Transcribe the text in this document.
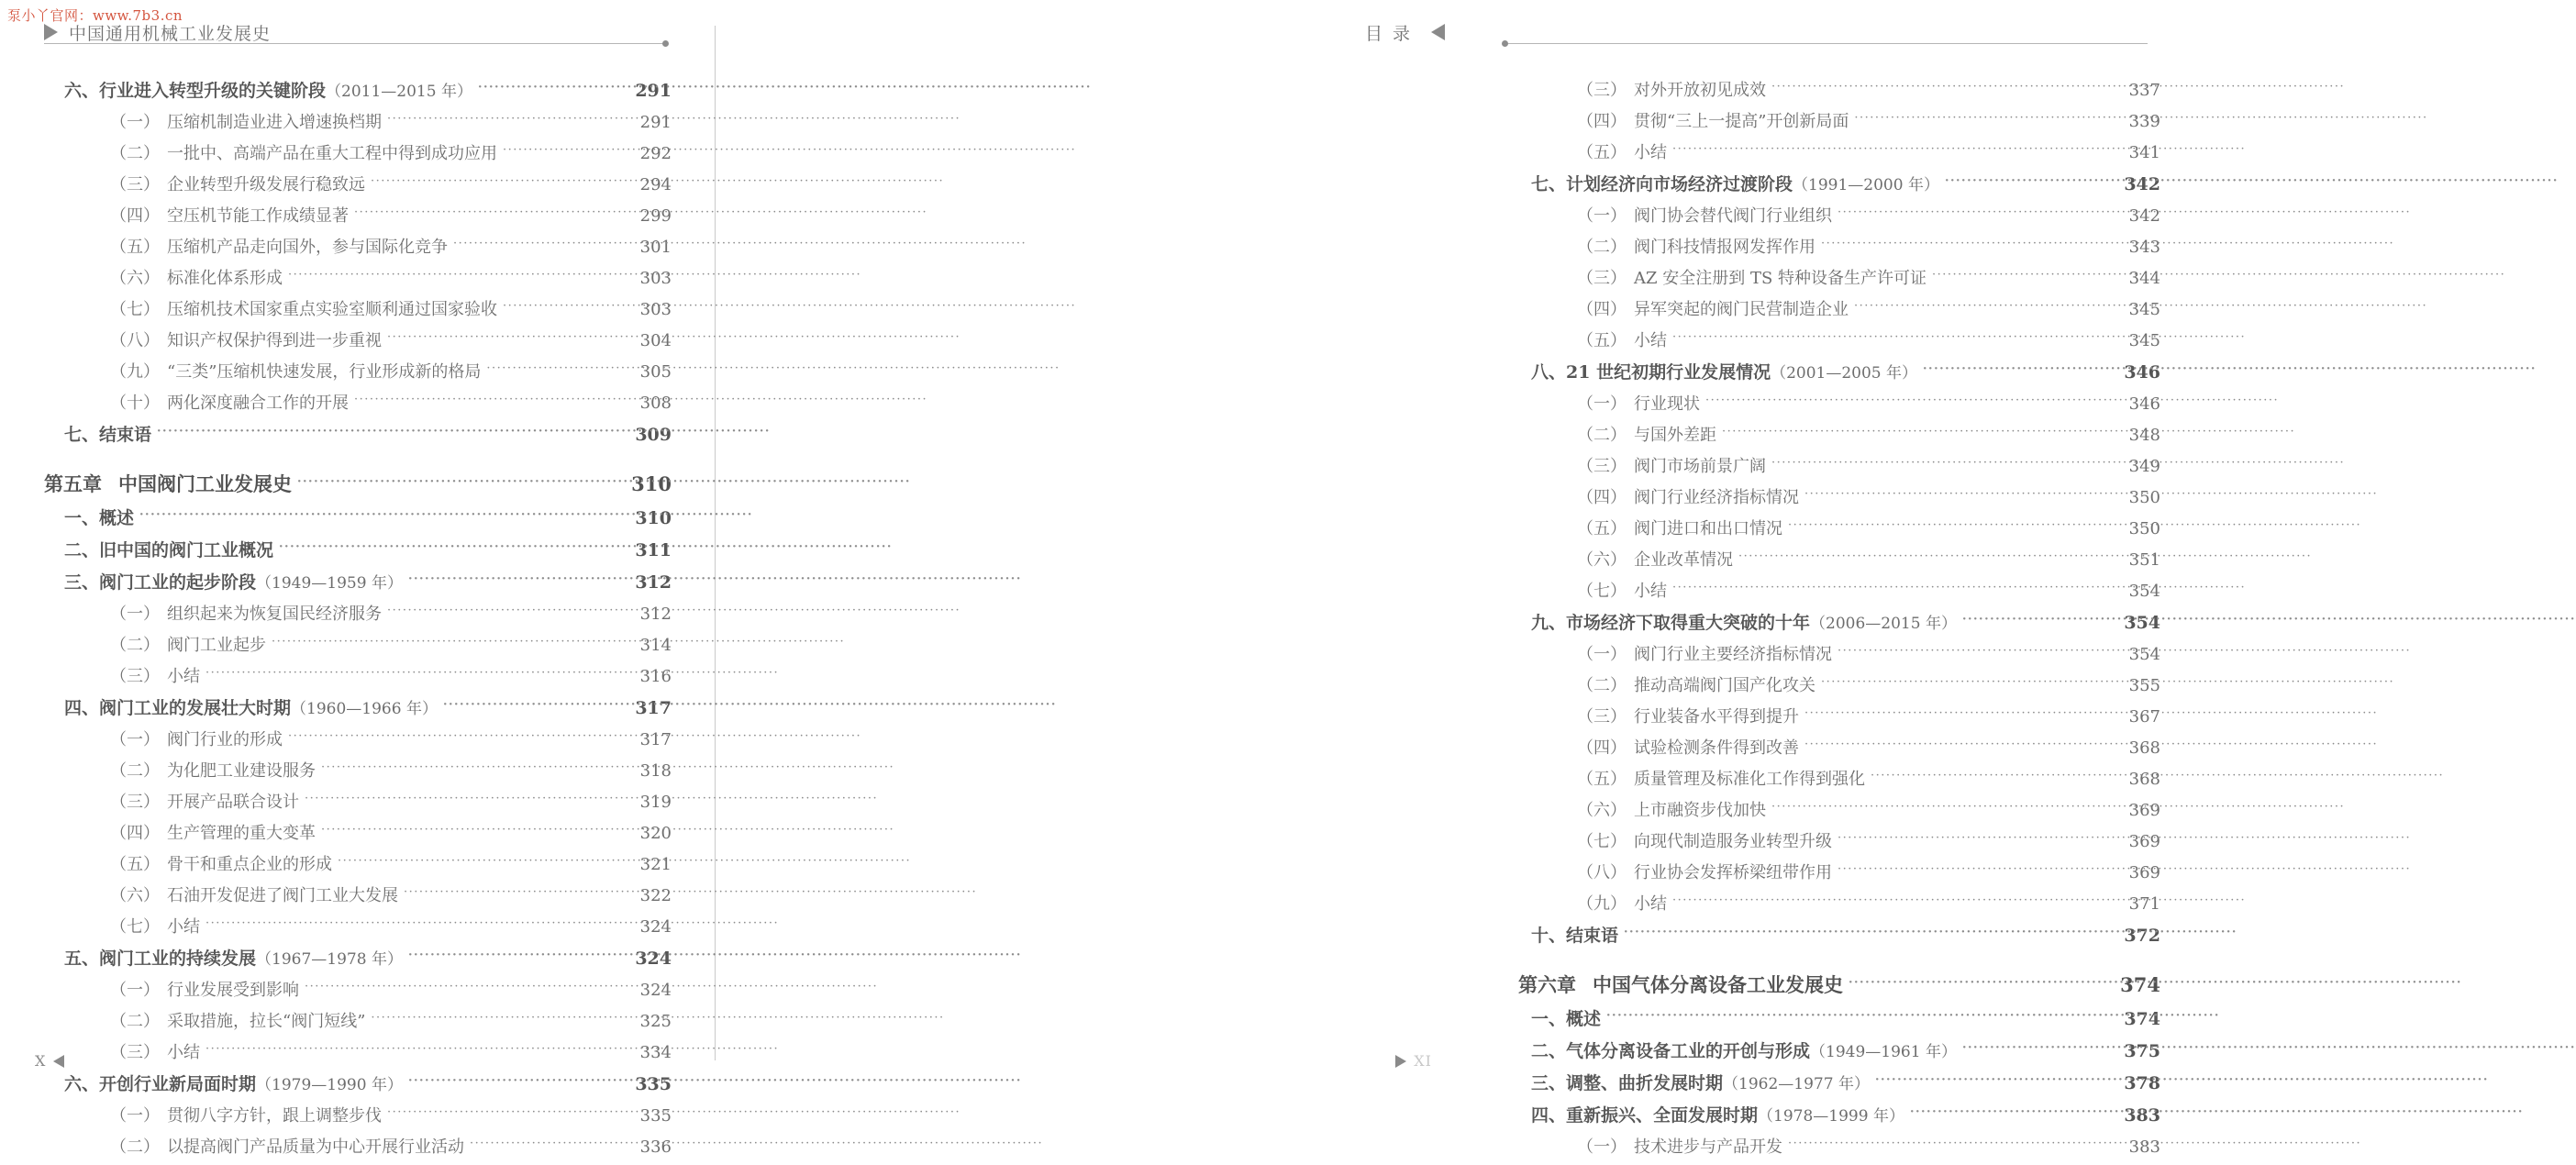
泵小丫官网：www.7b3.cn
中国通用机械工业发展史
六、行业进入转型升级的关键阶段（2011—2015 年） ·····	291
（一） 压缩机制造业进入增速换档期 ·····	291
（二） 一批中、高端产品在重大工程中得到成功应用 ·····	292
（三） 企业转型升级发展行稳致远 ·····	294
（四） 空压机节能工作成绩显著 ·····	299
（五） 压缩机产品走向国外，参与国际化竞争 ·····	301
（六） 标准化体系形成 ·····	303
（七） 压缩机技术国家重点实验室顺利通过国家验收 ·····	303
（八） 知识产权保护得到进一步重视 ·····	304
（九） “三类”压缩机快速发展，行业形成新的格局 ·····	305
（十） 两化深度融合工作的开展 ·····	308
七、结束语 ·····	309
第五章 中国阀门工业发展史 ·····	310
一、概述 ·····	310
二、旧中国的阀门工业概况 ·····	311
三、阀门工业的起步阶段（1949—1959 年） ·····	312
（一） 组织起来为恢复国民经济服务 ·····	312
（二） 阀门工业起步 ·····	314
（三） 小结 ·····	316
四、阀门工业的发展壮大时期（1960—1966 年） ·····	317
（一） 阀门行业的形成 ·····	317
（二） 为化肥工业建设服务 ·····	318
（三） 开展产品联合设计 ·····	319
（四） 生产管理的重大变革 ·····	320
（五） 骨干和重点企业的形成 ·····	321
（六） 石油开发促进了阀门工业大发展 ·····	322
（七） 小结 ·····	324
五、阀门工业的持续发展（1967—1978 年） ·····	324
（一） 行业发展受到影响 ·····	324
（二） 采取措施，拉长“阀门短线” ·····	325
（三） 小结 ·····	334
六、开创行业新局面时期（1979—1990 年） ·····	335
（一） 贯彻八字方针，跟上调整步伐 ·····	335
（二） 以提高阀门产品质量为中心开展行业活动 ·····	336
X
目录
（三） 对外开放初见成效 ·····	337
（四） 贯彻“三上一提高”开创新局面 ·····	339
（五） 小结 ·····	341
七、计划经济向市场经济过渡阶段（1991—2000 年） ·····	342
（一） 阀门协会替代阀门行业组织 ·····	342
（二） 阀门科技情报网发挥作用 ·····	343
（三） AZ 安全注册到 TS 特种设备生产许可证 ·····	344
（四） 异军突起的阀门民营制造企业 ·····	345
（五） 小结 ·····	345
八、21 世纪初期行业发展情况（2001—2005 年） ·····	346
（一） 行业现状 ·····	346
（二） 与国外差距 ·····	348
（三） 阀门市场前景广阔 ·····	349
（四） 阀门行业经济指标情况 ·····	350
（五） 阀门进口和出口情况 ·····	350
（六） 企业改革情况 ·····	351
（七） 小结 ·····	354
九、市场经济下取得重大突破的十年（2006—2015 年） ·····	354
（一） 阀门行业主要经济指标情况 ·····	354
（二） 推动高端阀门国产化攻关 ·····	355
（三） 行业装备水平得到提升 ·····	367
（四） 试验检测条件得到改善 ·····	368
（五） 质量管理及标准化工作得到强化 ·····	368
（六） 上市融资步伐加快 ·····	369
（七） 向现代制造服务业转型升级 ·····	369
（八） 行业协会发挥桥梁纽带作用 ·····	369
（九） 小结 ·····	371
十、结束语 ·····	372
第六章 中国气体分离设备工业发展史 ·····	374
一、概述 ·····	374
二、气体分离设备工业的开创与形成（1949—1961 年） ·····	375
三、调整、曲折发展时期（1962—1977 年） ·····	378
四、重新振兴、全面发展时期（1978—1999 年） ·····	383
（一） 技术进步与产品开发 ·····	383
XI
